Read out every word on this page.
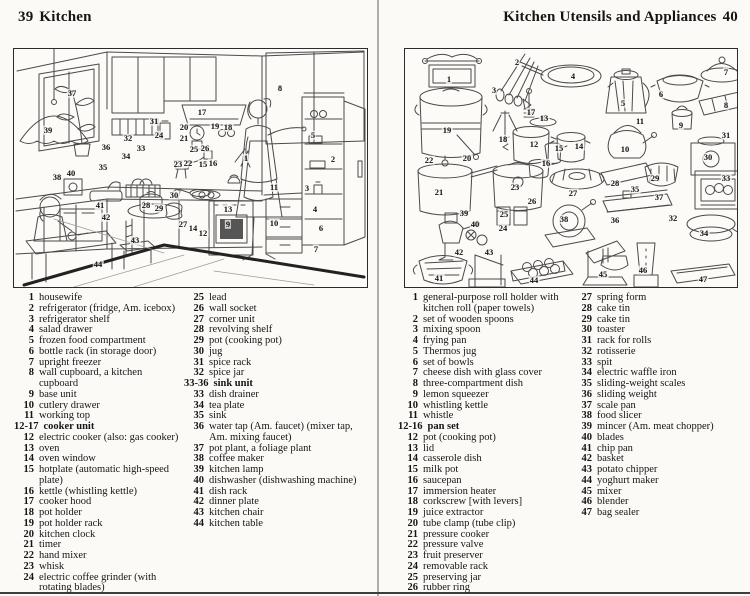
39 Kitchen
37
39
31
32	24
17
20
21
19 18
8
36	33
34
35
25 26
23 22 15 16	1	2
5
11	3
38 40
41
42
28 29
30
13
9	10
4
6
7
27 14 12
43
44
1 housewife
2 refrigerator (fridge, Am. icebox)
3 refrigerator shelf
4 salad drawer
5 frozen food compartment
6 bottle rack (in storage door)
7 upright freezer
8 wall cupboard, a kitchen cupboard
9 base unit
10 cutlery drawer
11 working top
12-17 cooker unit
12 electric cooker (also: gas cooker)
13 oven
14 oven window
15 hotplate (automatic high-speed plate)
16 kettle (whistling kettle)
17 cooker hood
18 pot holder
19 pot holder rack
20 kitchen clock
21 timer
22 hand mixer
23 whisk
24 electric coffee grinder (with rotating blades)
25 lead
26 wall socket
27 corner unit
28 revolving shelf
29 pot (cooking pot)
30 jug
31 spice rack
32 spice jar
33-36 sink unit
33 dish drainer
34 tea plate
35 sink
36 water tap (Am. faucet) (mixer tap, Am. mixing faucet)
37 pot plant, a foliage plant
38 coffee maker
39 kitchen lamp
40 dishwasher (dishwashing machine)
41 dish rack
42 dinner plate
43 kitchen chair
44 kitchen table
Kitchen Utensils and Appliances 40
1
2
3
4
5
6
7
8
9
10
11
12
13
14
15
16
17
18
19
20
21
22
23
24
25
26
27
28	29
30
31
32
33
34
35
36
37
38
39
40
41
42	43
44
45	46
47
1 general-purpose roll holder with kitchen roll (paper towels)
2 set of wooden spoons
3 mixing spoon
4 frying pan
5 Thermos jug
6 set of bowls
7 cheese dish with glass cover
8 three-compartment dish
9 lemon squeezer
10 whistling kettle
11 whistle
12-16 pan set
12 pot (cooking pot)
13 lid
14 casserole dish
15 milk pot
16 saucepan
17 immersion heater
18 corkscrew [with levers]
19 juice extractor
20 tube clamp (tube clip)
21 pressure cooker
22 pressure valve
23 fruit preserver
24 removable rack
25 preserving jar
26 rubber ring
27 spring form
28 cake tin
29 cake tin
30 toaster
31 rack for rolls
32 rotisserie
33 spit
34 electric waffle iron
35 sliding-weight scales
36 sliding weight
37 scale pan
38 food slicer
39 mincer (Am. meat chopper)
40 blades
41 chip pan
42 basket
43 potato chipper
44 yoghurt maker
45 mixer
46 blender
47 bag sealer
